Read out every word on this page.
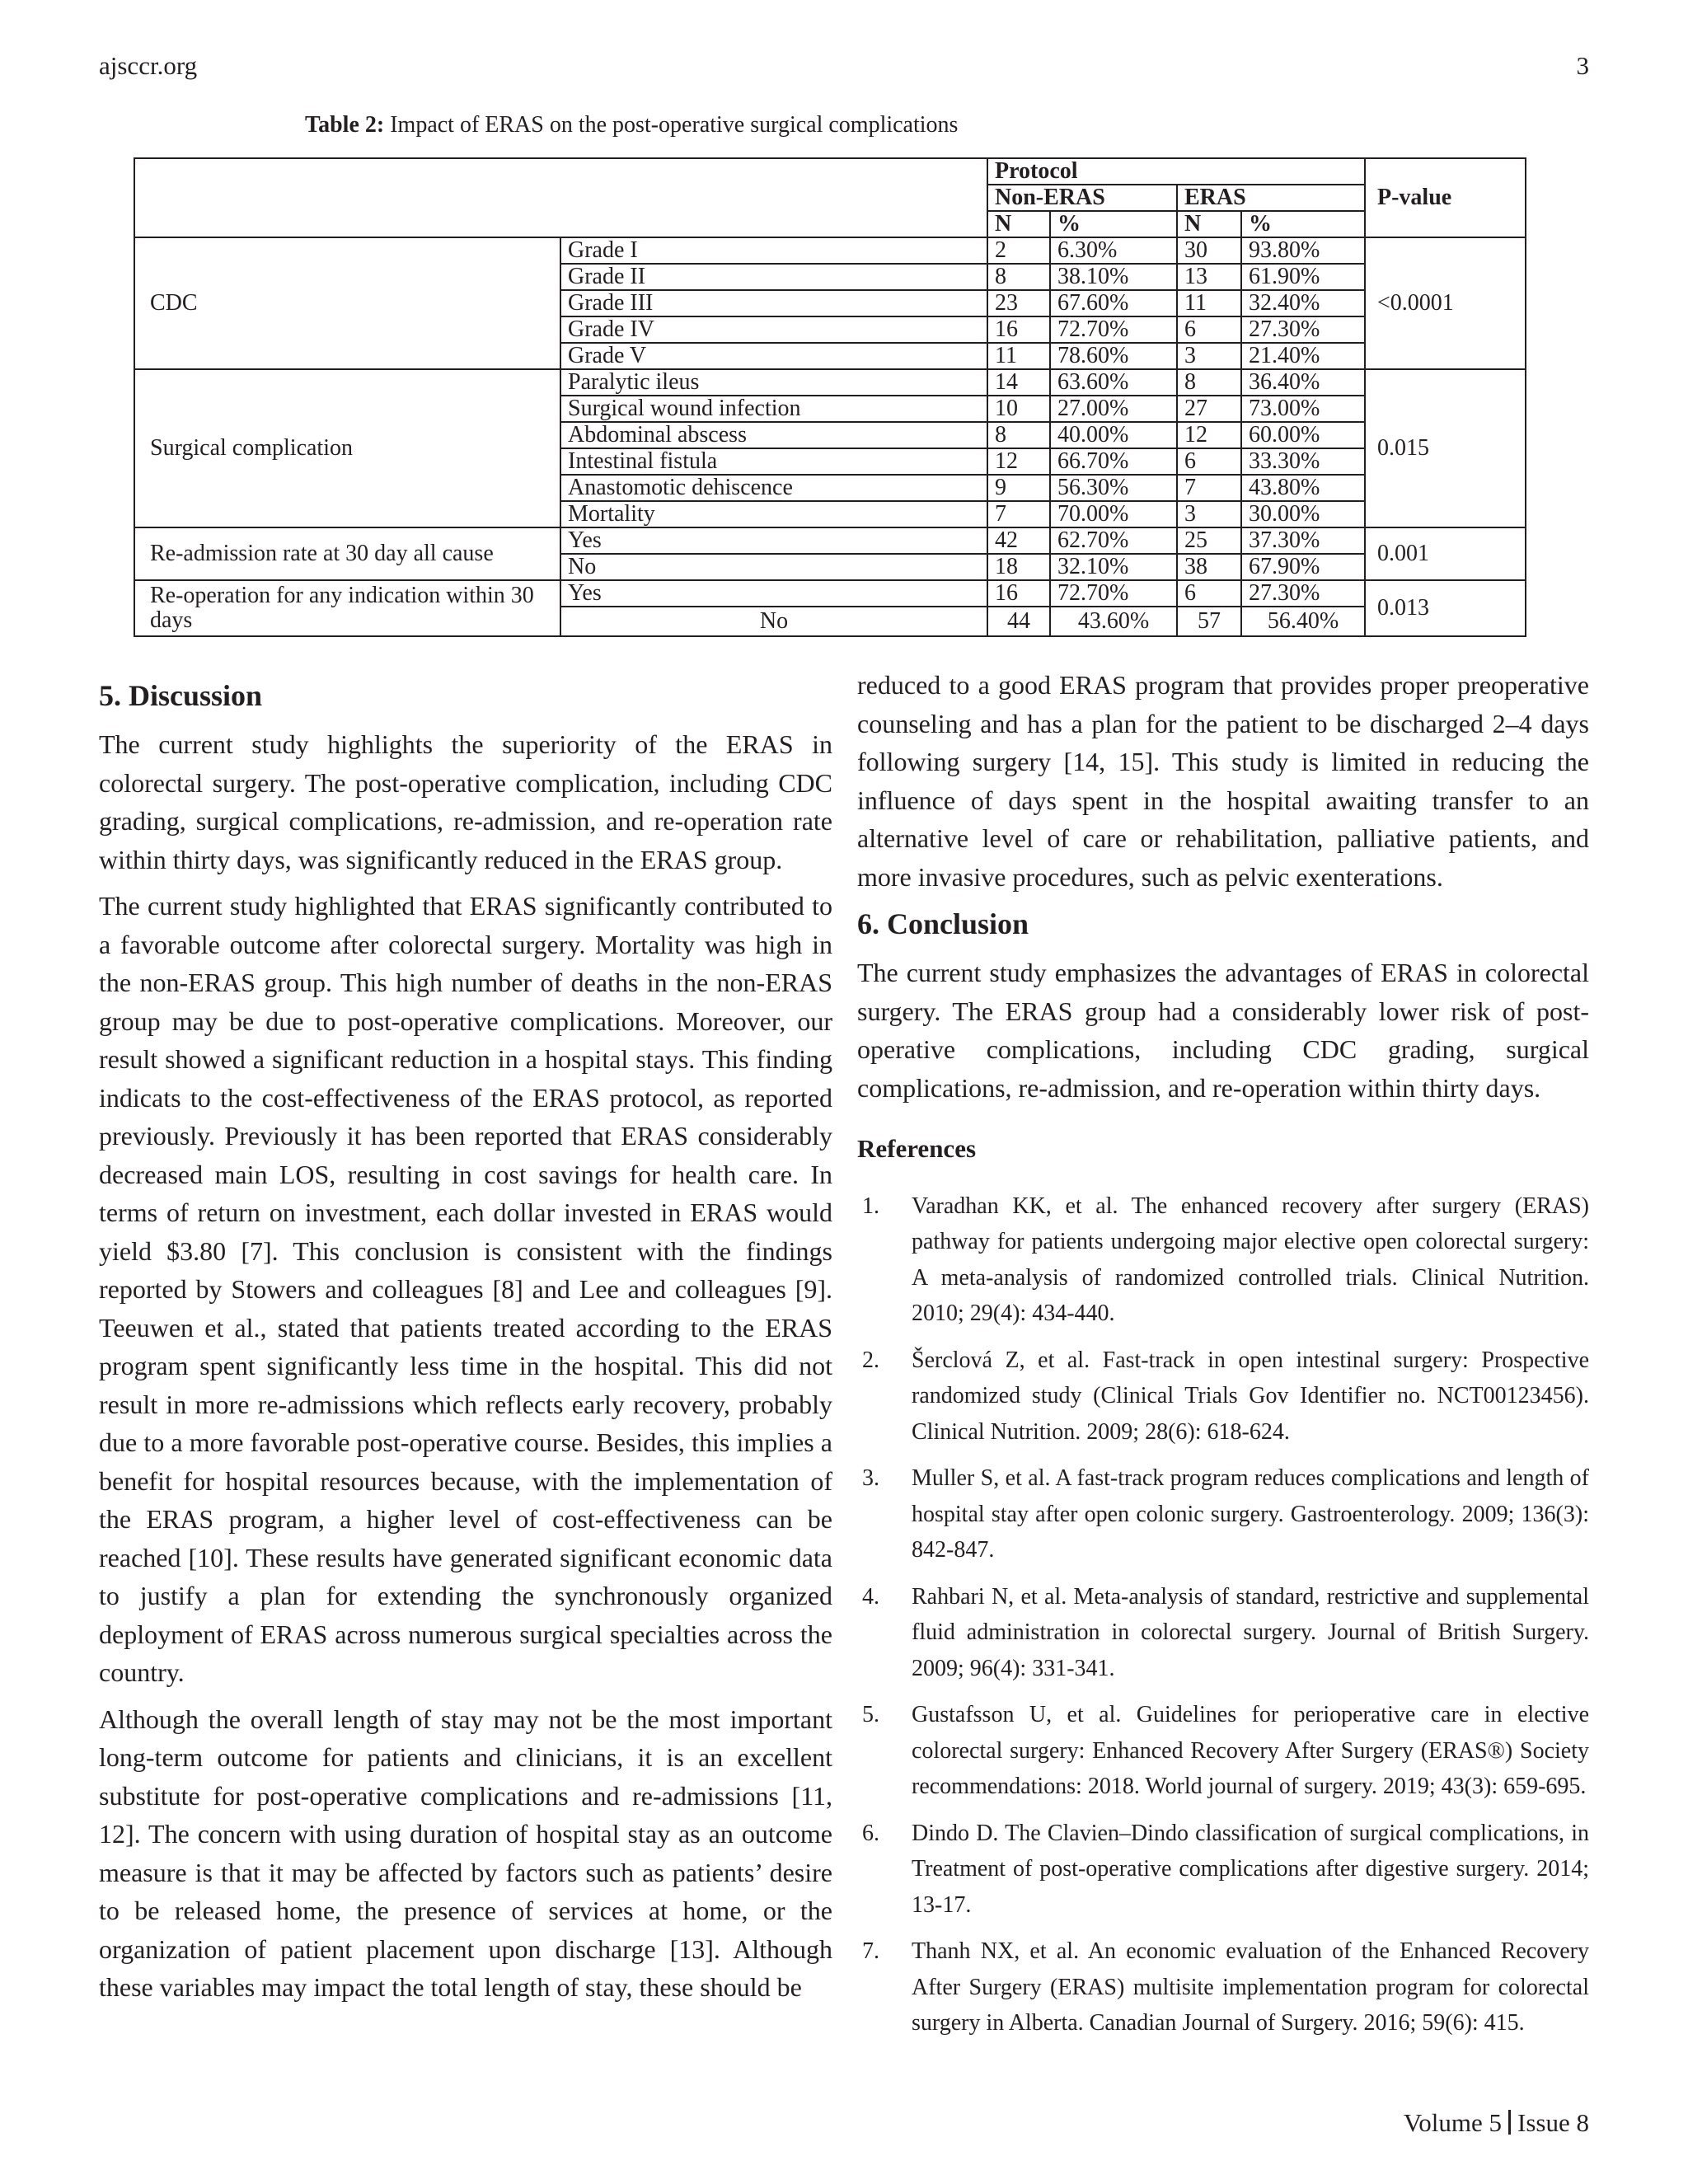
ajsccr.org	3
Table 2: Impact of ERAS on the post-operative surgical complications
		Protocol				P-value
		Non-ERAS		ERAS		
		N	%	N	%	
CDC	Grade I	2	6.30%	30	93.80%	<0.0001
	Grade II	8	38.10%	13	61.90%	
	Grade III	23	67.60%	11	32.40%	
	Grade IV	16	72.70%	6	27.30%	
	Grade V	11	78.60%	3	21.40%	
Surgical complication	Paralytic ileus	14	63.60%	8	36.40%	0.015
	Surgical wound infection	10	27.00%	27	73.00%	
	Abdominal abscess	8	40.00%	12	60.00%	
	Intestinal fistula	12	66.70%	6	33.30%	
	Anastomotic dehiscence	9	56.30%	7	43.80%	
	Mortality	7	70.00%	3	30.00%	
Re-admission rate at 30 day all cause	Yes	42	62.70%	25	37.30%	0.001
	No	18	32.10%	38	67.90%	
Re-operation for any indication within 30 days	Yes	16	72.70%	6	27.30%	0.013
	No	44	43.60%	57	56.40%	
5. Discussion

The current study highlights the superiority of the ERAS in colorectal surgery. The post-operative complication, including CDC grading, surgical complications, re-admission, and re-operation rate within thirty days, was significantly reduced in the ERAS group.

The current study highlighted that ERAS significantly contributed to a favorable outcome after colorectal surgery. Mortality was high in the non-ERAS group. This high number of deaths in the non-ERAS group may be due to post-operative complications. Moreover, our result showed a significant reduction in a hospital stays. This finding indicats to the cost-effectiveness of the ERAS protocol, as reported previously. Previously it has been reported that ERAS considerably decreased main LOS, resulting in cost savings for health care. In terms of return on investment, each dollar invested in ERAS would yield $3.80 [7]. This conclusion is consistent with the findings reported by Stowers and colleagues [8] and Lee and colleagues [9]. Teeuwen et al., stated that patients treated according to the ERAS program spent significantly less time in the hospital. This did not result in more re-admissions which reflects early recovery, probably due to a more favorable post-operative course. Besides, this implies a benefit for hospital resources because, with the implementation of the ERAS program, a higher level of cost-effectiveness can be reached [10]. These results have generated significant economic data to justify a plan for extending the synchronously organized deployment of ERAS across numerous surgical specialties across the country.

Although the overall length of stay may not be the most important long-term outcome for patients and clinicians, it is an excellent substitute for post-operative complications and re-admissions [11, 12]. The concern with using duration of hospital stay as an outcome measure is that it may be affected by factors such as patients’ desire to be released home, the presence of services at home, or the organization of patient placement upon discharge [13]. Although these variables may impact the total length of stay, these should be

reduced to a good ERAS program that provides proper preoperative counseling and has a plan for the patient to be discharged 2–4 days following surgery [14, 15]. This study is limited in reducing the influence of days spent in the hospital awaiting transfer to an alternative level of care or rehabilitation, palliative patients, and more invasive procedures, such as pelvic exenterations.

6. Conclusion

The current study emphasizes the advantages of ERAS in colorectal surgery. The ERAS group had a considerably lower risk of post-operative complications, including CDC grading, surgical complications, re-admission, and re-operation within thirty days.

References
1. Varadhan KK, et al. The enhanced recovery after surgery (ERAS) pathway for patients undergoing major elective open colorectal surgery: A meta-analysis of randomized controlled trials. Clinical Nutrition. 2010; 29(4): 434-440.
2. Šerclová Z, et al. Fast-track in open intestinal surgery: Prospective randomized study (Clinical Trials Gov Identifier no. NCT00123456). Clinical Nutrition. 2009; 28(6): 618-624.
3. Muller S, et al. A fast-track program reduces complications and length of hospital stay after open colonic surgery. Gastroenterology. 2009; 136(3): 842-847.
4. Rahbari N, et al. Meta-analysis of standard, restrictive and supplemental fluid administration in colorectal surgery. Journal of British Surgery. 2009; 96(4): 331-341.
5. Gustafsson U, et al. Guidelines for perioperative care in elective colorectal surgery: Enhanced Recovery After Surgery (ERAS®) Society recommendations: 2018. World journal of surgery. 2019; 43(3): 659-695.
6. Dindo D. The Clavien–Dindo classification of surgical complications, in Treatment of post-operative complications after digestive surgery. 2014; 13-17.
7. Thanh NX, et al. An economic evaluation of the Enhanced Recovery After Surgery (ERAS) multisite implementation program for colorectal surgery in Alberta. Canadian Journal of Surgery. 2016; 59(6): 415.
Volume 5 Issue 8
